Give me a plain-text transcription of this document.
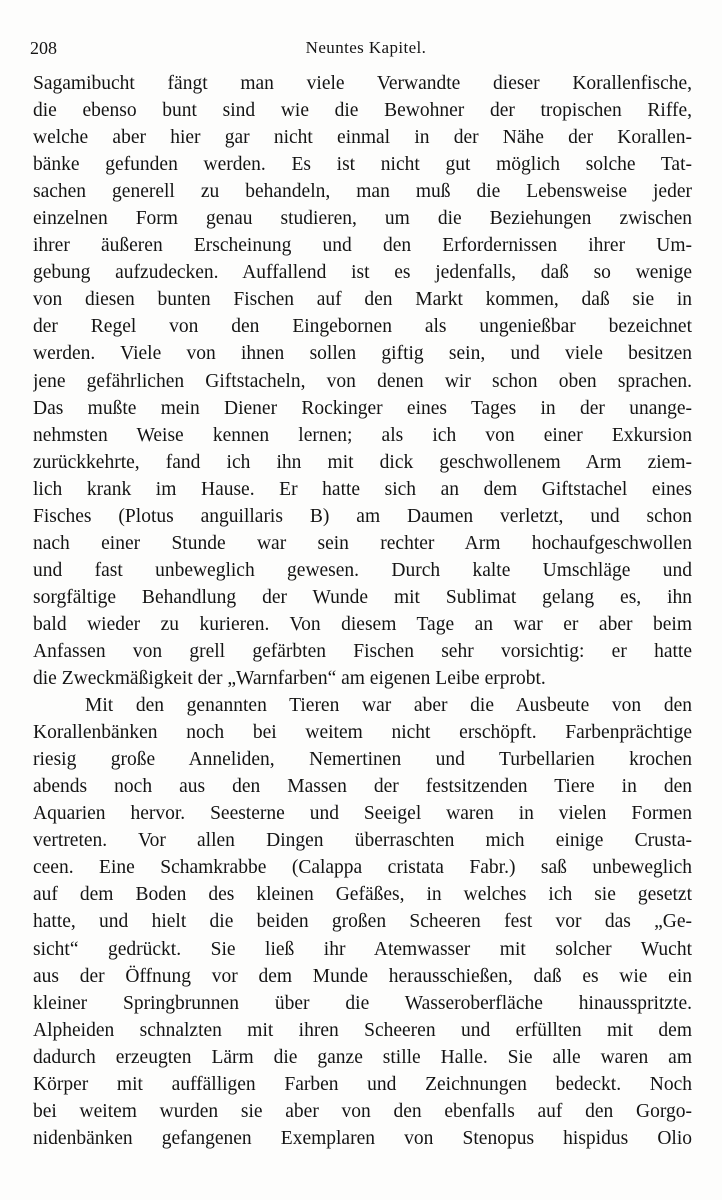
208	Neuntes Kapitel.
Sagamibucht fängt man viele Verwandte dieser Korallenfische,
die ebenso bunt sind wie die Bewohner der tropischen Riffe,
welche aber hier gar nicht einmal in der Nähe der Korallen-
bänke gefunden werden. Es ist nicht gut möglich solche Tat-
sachen generell zu behandeln, man muß die Lebensweise jeder
einzelnen Form genau studieren, um die Beziehungen zwischen
ihrer äußeren Erscheinung und den Erfordernissen ihrer Um-
gebung aufzudecken. Auffallend ist es jedenfalls, daß so wenige
von diesen bunten Fischen auf den Markt kommen, daß sie in
der Regel von den Eingebornen als ungenießbar bezeichnet
werden. Viele von ihnen sollen giftig sein, und viele besitzen
jene gefährlichen Giftstacheln, von denen wir schon oben sprachen.
Das mußte mein Diener Rockinger eines Tages in der unange-
nehmsten Weise kennen lernen; als ich von einer Exkursion
zurückkehrte, fand ich ihn mit dick geschwollenem Arm ziem-
lich krank im Hause. Er hatte sich an dem Giftstachel eines
Fisches (Plotus anguillaris B) am Daumen verletzt, und schon
nach einer Stunde war sein rechter Arm hochaufgeschwollen
und fast unbeweglich gewesen. Durch kalte Umschläge und
sorgfältige Behandlung der Wunde mit Sublimat gelang es, ihn
bald wieder zu kurieren. Von diesem Tage an war er aber beim
Anfassen von grell gefärbten Fischen sehr vorsichtig: er hatte
die Zweckmäßigkeit der „Warnfarben“ am eigenen Leibe erprobt.
Mit den genannten Tieren war aber die Ausbeute von den
Korallenbänken noch bei weitem nicht erschöpft. Farbenprächtige
riesig große Anneliden, Nemertinen und Turbellarien krochen
abends noch aus den Massen der festsitzenden Tiere in den
Aquarien hervor. Seesterne und Seeigel waren in vielen Formen
vertreten. Vor allen Dingen überraschten mich einige Crusta-
ceen. Eine Schamkrabbe (Calappa cristata Fabr.) saß unbeweglich
auf dem Boden des kleinen Gefäßes, in welches ich sie gesetzt
hatte, und hielt die beiden großen Scheeren fest vor das „Ge-
sicht“ gedrückt. Sie ließ ihr Atemwasser mit solcher Wucht
aus der Öffnung vor dem Munde herausschießen, daß es wie ein
kleiner Springbrunnen über die Wasseroberfläche hinausspritzte.
Alpheiden schnalzten mit ihren Scheeren und erfüllten mit dem
dadurch erzeugten Lärm die ganze stille Halle. Sie alle waren am
Körper mit auffälligen Farben und Zeichnungen bedeckt. Noch
bei weitem wurden sie aber von den ebenfalls auf den Gorgo-
nidenbänken gefangenen Exemplaren von Stenopus hispidus Olio
